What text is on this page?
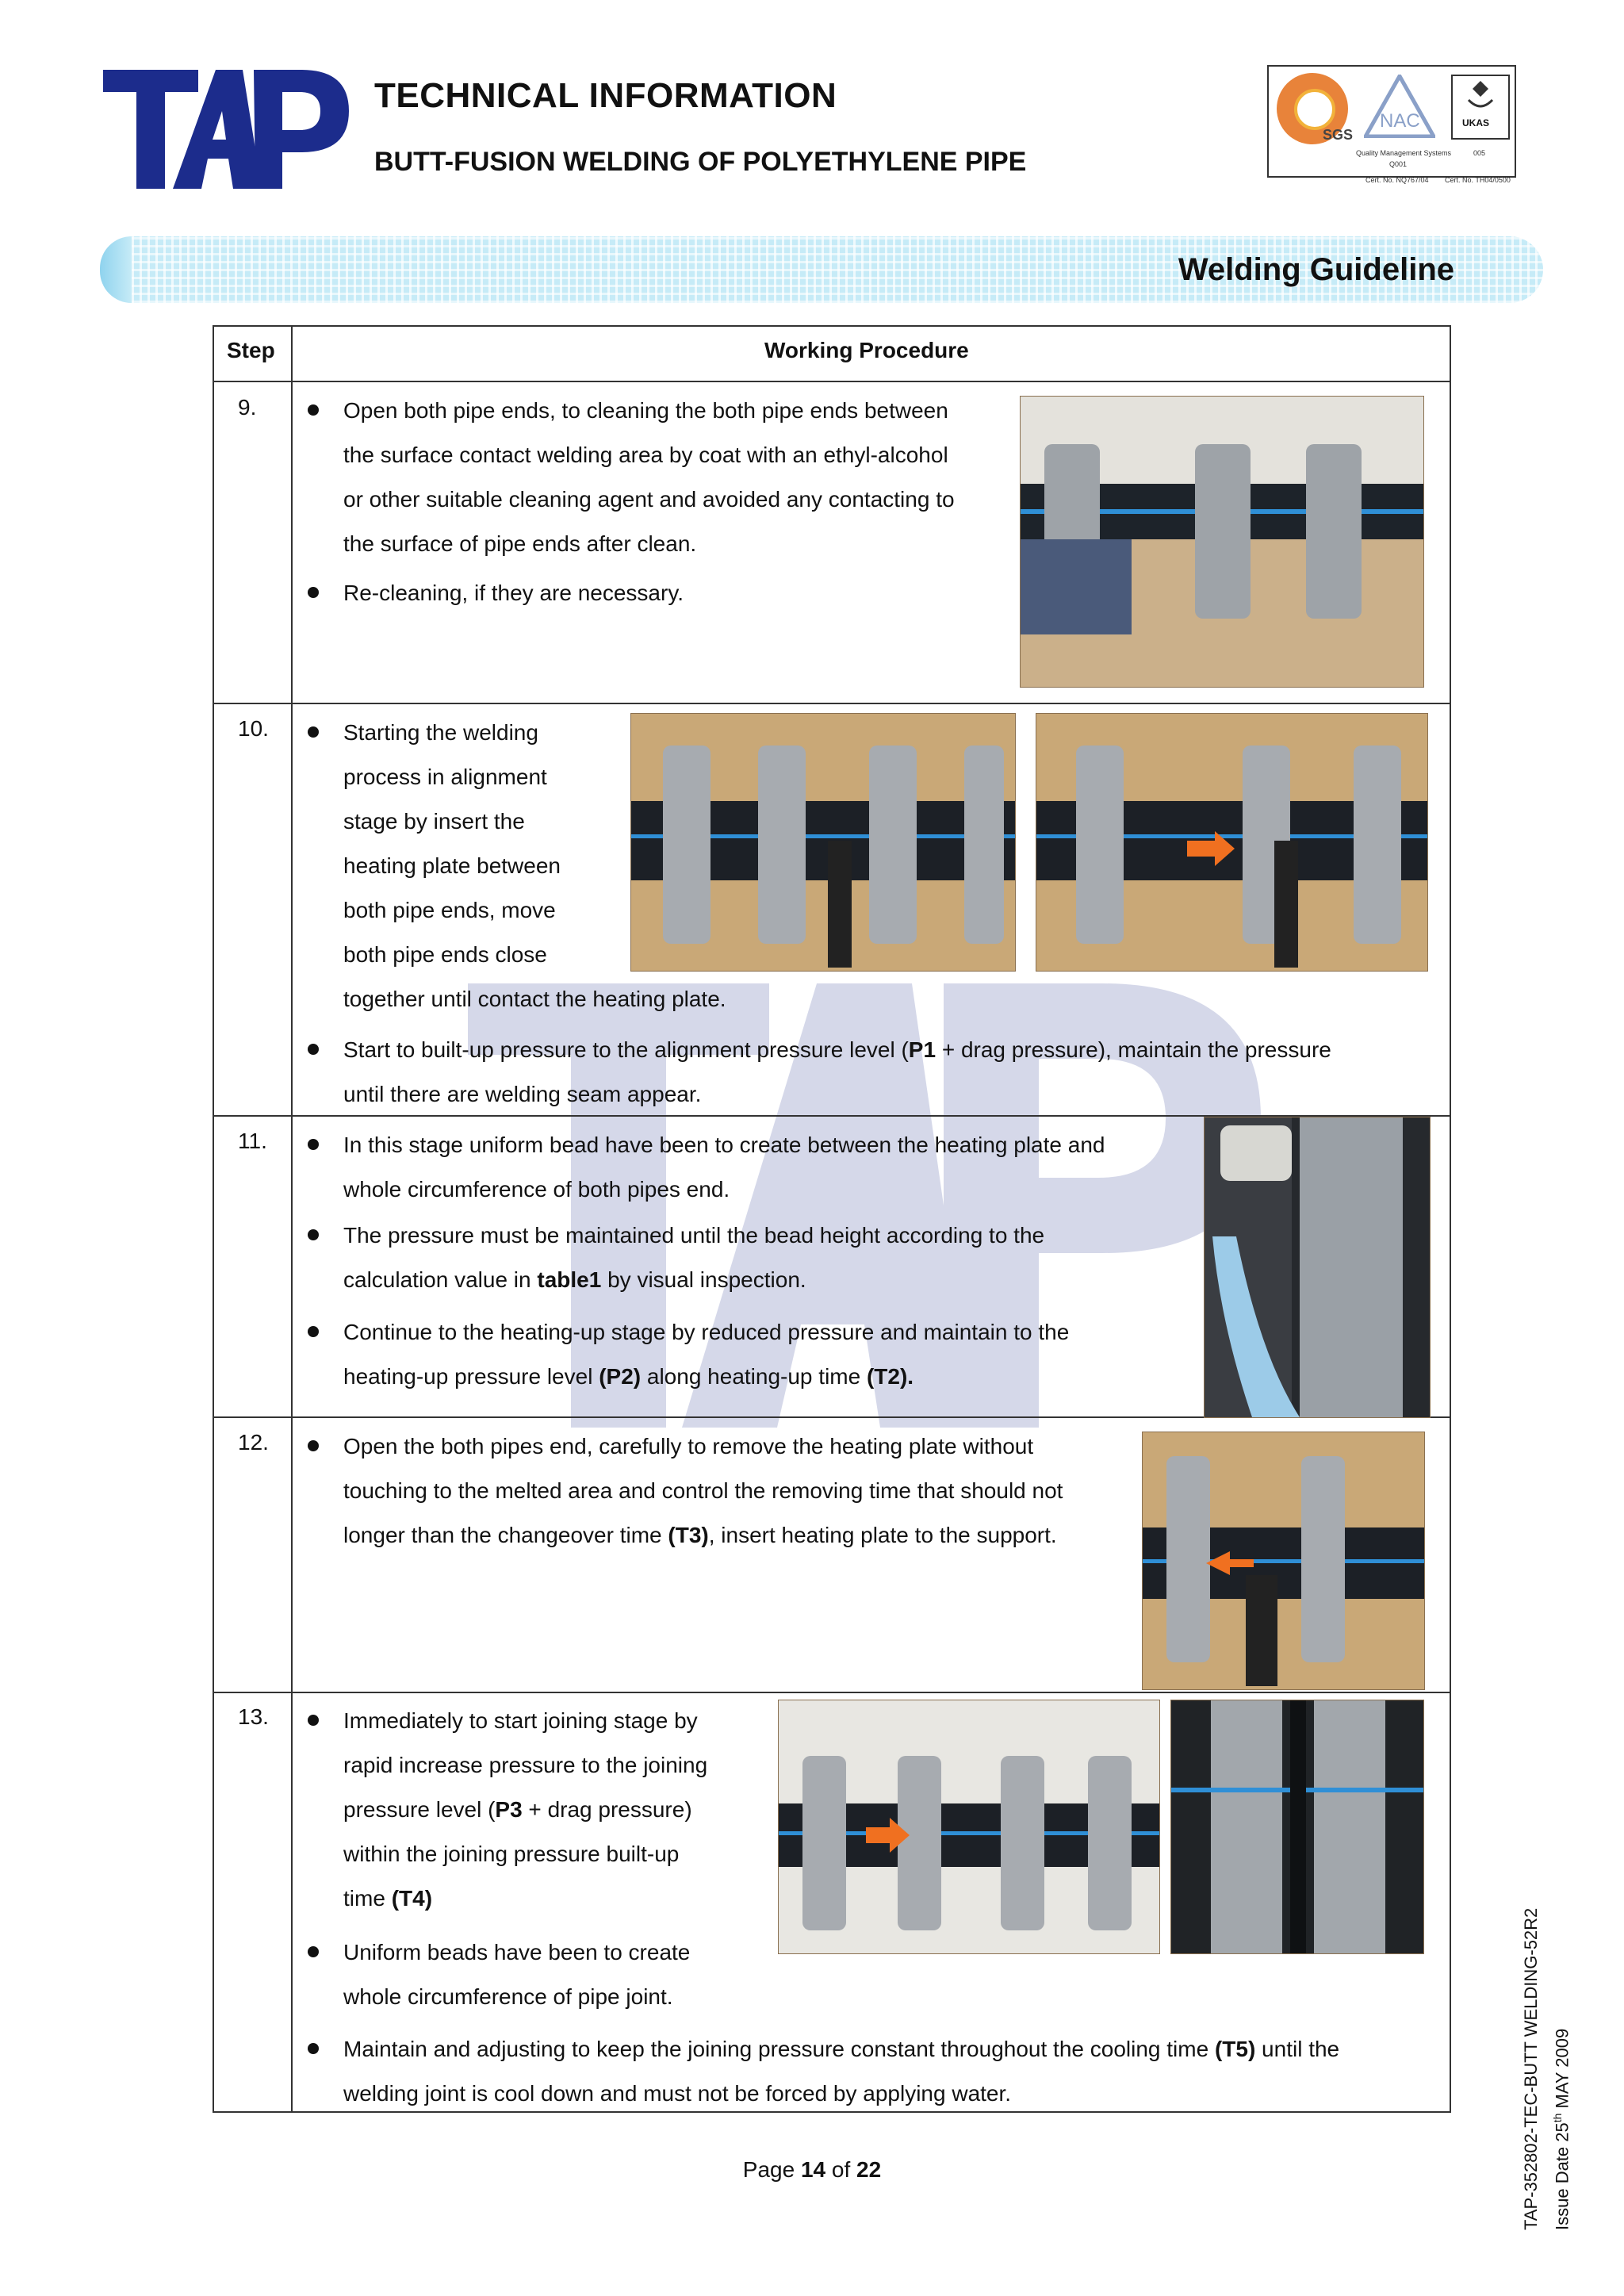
TECHNICAL INFORMATION
BUTT-FUSION WELDING OF POLYETHYLENE PIPE
SGS
NAC	UKAS
Quality Management Systems	005
Q001
Cert. No. NQ767/04 Cert. No. TH04/0500
Welding Guideline
Step	Working Procedure
9.	Open both pipe ends, to cleaning the both pipe ends between
the surface contact welding area by coat with an ethyl-alcohol
or other suitable cleaning agent and avoided any contacting to
the surface of pipe ends after clean.
Re-cleaning, if they are necessary.
10.	Starting the welding
process in alignment
stage by insert the
heating plate between
both pipe ends, move
both pipe ends close
together until contact the heating plate.
Start to built-up pressure to the alignment pressure level (P1 + drag pressure), maintain the pressure
until there are welding seam appear.
11.	In this stage uniform bead have been to create between the heating plate and
whole circumference of both pipes end.
The pressure must be maintained until the bead height according to the
calculation value in table1 by visual inspection.
Continue to the heating-up stage by reduced pressure and maintain to the
heating-up pressure level (P2) along heating-up time (T2).
12.	Open the both pipes end, carefully to remove the heating plate without
touching to the melted area and control the removing time that should not
longer than the changeover time (T3), insert heating plate to the support.
13.	Immediately to start joining stage by
rapid increase pressure to the joining
pressure level (P3 + drag pressure)
within the joining pressure built-up
time (T4)
Uniform beads have been to create
whole circumference of pipe joint.
Maintain and adjusting to keep the joining pressure constant throughout the cooling time (T5) until the
welding joint is cool down and must not be forced by applying water.
Page 14 of 22	TAP-352802-TEC-BUTT WELDING-52R2 Issue Date 25th MAY 2009
